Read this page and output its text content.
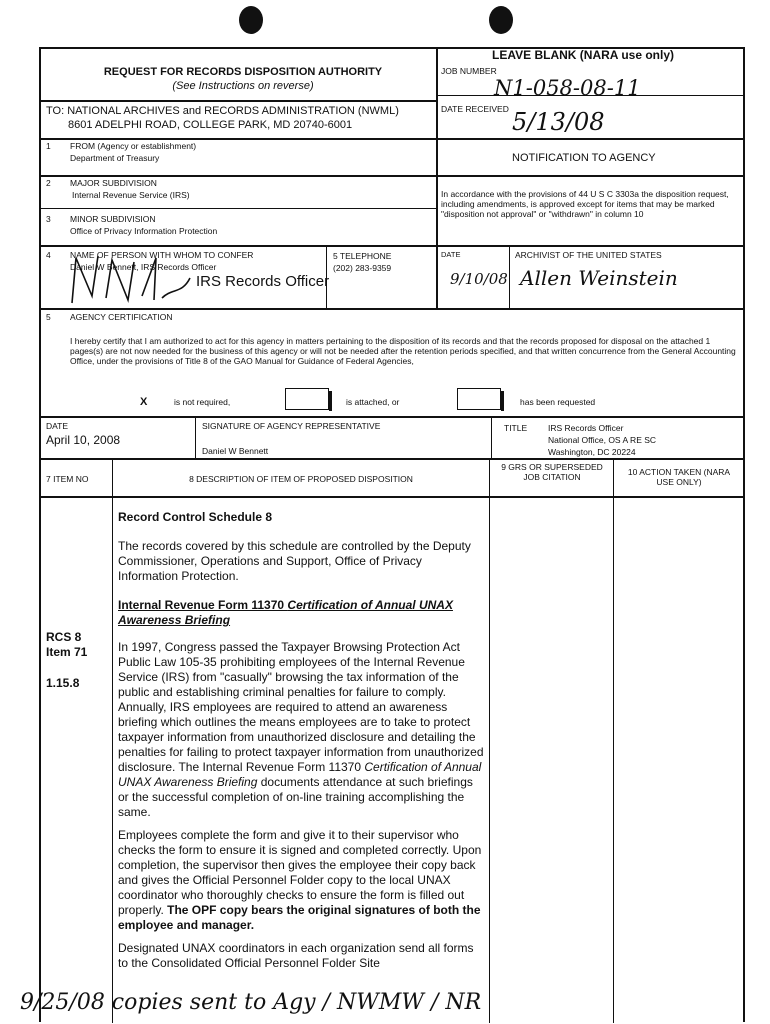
REQUEST FOR RECORDS DISPOSITION AUTHORITY
(See Instructions on reverse)
LEAVE BLANK (NARA use only)
JOB NUMBER
N1-058-08-11
TO: NATIONAL ARCHIVES and RECORDS ADMINISTRATION (NWML)
8601 ADELPHI ROAD, COLLEGE PARK, MD 20740-6001
DATE RECEIVED 5/13/08
1 FROM (Agency or establishment)
Department of Treasury	NOTIFICATION TO AGENCY
2 MAJOR SUBDIVISION
Internal Revenue Service (IRS)
3 MINOR SUBDIVISION
Office of Privacy Information Protection
In accordance with the provisions of 44 U S C 3303a the disposition request, including amendments, is approved except for items that may be marked "disposition not approval" or "withdrawn" in column 10
4 NAME OF PERSON WITH WHOM TO CONFER
Daniel W Bennett, IRS Records Officer
IRS Records Officer
5 TELEPHONE
(202) 283-9359
DATE
9/10/08
ARCHIVIST OF THE UNITED STATES
Allen Weinstein
5 AGENCY CERTIFICATION
I hereby certify that I am authorized to act for this agency in matters pertaining to the disposition of its records and that the records proposed for disposal on the attached 1 pages(s) are not now needed for the business of this agency or will not be needed after the retention periods specified, and that written concurrence from the General Accounting Office, under the provisions of Title 8 of the GAO Manual for Guidance of Federal Agencies,
X	is not required,	is attached, or	has been requested
DATE
April 10, 2008
SIGNATURE OF AGENCY REPRESENTATIVE
Daniel W Bennett
TITLE IRS Records Officer
National Office, OS A RE SC
Washington, DC 20224
7 ITEM NO	8 DESCRIPTION OF ITEM OF PROPOSED DISPOSITION
9 GRS OR SUPERSEDED JOB CITATION	10 ACTION TAKEN (NARA USE ONLY)
RCS 8
Item 71
1.15.8

Record Control Schedule 8

The records covered by this schedule are controlled by the Deputy Commissioner, Operations and Support, Office of Privacy Information Protection.

Internal Revenue Form 11370 Certification of Annual UNAX Awareness Briefing

In 1997, Congress passed the Taxpayer Browsing Protection Act Public Law 105-35 prohibiting employees of the Internal Revenue Service (IRS) from "casually" browsing the tax information of the public and establishing criminal penalties for failure to comply. Annually, IRS employees are required to attend an awareness briefing which outlines the means employees are to take to protect taxpayer information from unauthorized disclosure and detailing the penalties for failing to protect taxpayer information from unauthorized disclosure. The Internal Revenue Form 11370 Certification of Annual UNAX Awareness Briefing documents attendance at such briefings or the successful completion of on-line training accomplishing the same.

Employees complete the form and give it to their supervisor who checks the form to ensure it is signed and completed correctly. Upon completion, the supervisor then gives the employee their copy back and gives the Official Personnel Folder copy to the local UNAX coordinator who thoroughly checks to ensure the form is filled out properly. The OPF copy bears the original signatures of both the employee and manager.

Designated UNAX coordinators in each organization send all forms to the Consolidated Official Personnel Folder Site

9/25/08 copies sent to Agy / NWMW / NR
